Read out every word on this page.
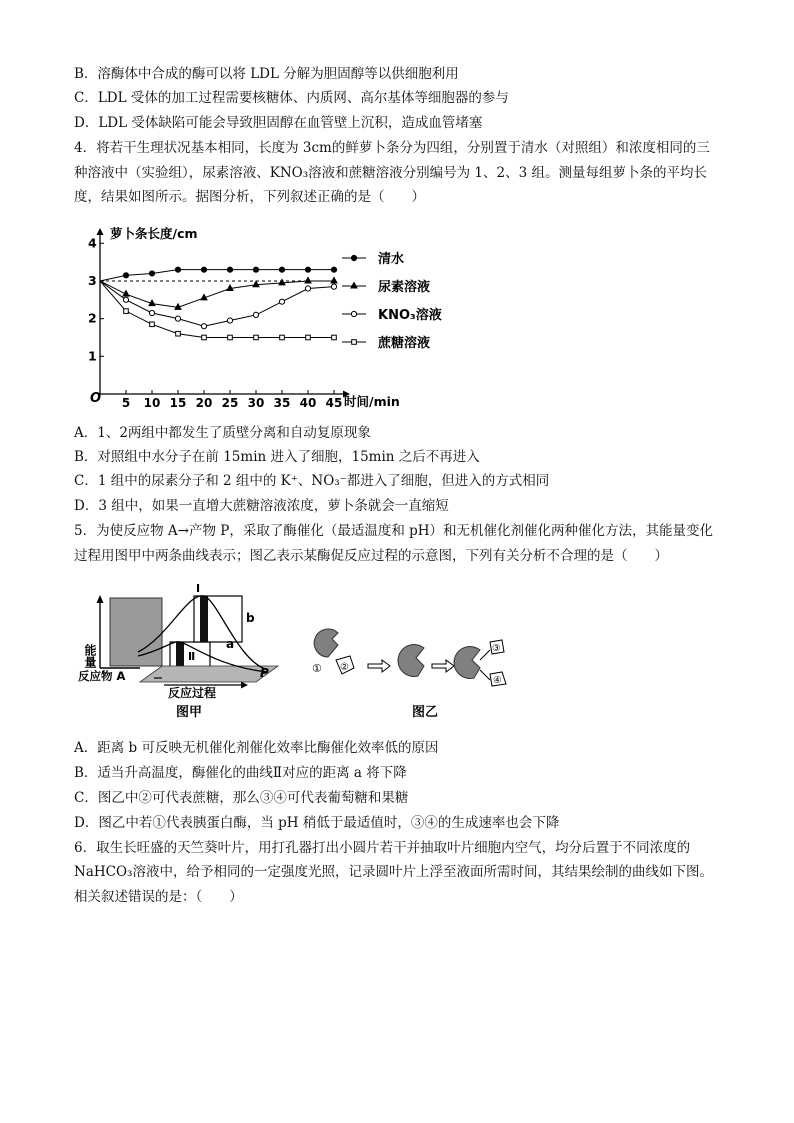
B．溶酶体中合成的酶可以将 LDL 分解为胆固醇等以供细胞利用
C．LDL 受体的加工过程需要核糖体、内质网、高尔基体等细胞器的参与
D．LDL 受体缺陷可能会导致胆固醇在血管壁上沉积，造成血管堵塞
4．将若干生理状况基本相同，长度为 3cm的鲜萝卜条分为四组，分别置于清水（对照组）和浓度相同的三
种溶液中（实验组），尿素溶液、KNO₃溶液和蔗糖溶液分别编号为 1、2、3 组。测量每组萝卜条的平均长
度，结果如图所示。据图分析，下列叙述正确的是（　　）
萝卜条长度/cm
时间/min
O
1
2
3
4
5 10 15 20 25 30 35 40 45
清水
尿素溶液
KNO₃溶液
蔗糖溶液
A．1、2两组中都发生了质壁分离和自动复原现象
B．对照组中水分子在前 15min 进入了细胞，15min 之后不再进入
C．1 组中的尿素分子和 2 组中的 K⁺、NO₃⁻都进入了细胞，但进入的方式相同
D．3 组中，如果一直增大蔗糖溶液浓度，萝卜条就会一直缩短
5．为使反应物 A→产物 P，采取了酶催化（最适温度和 pH）和无机催化剂催化两种催化方法，其能量变化
过程用图甲中两条曲线表示；图乙表示某酶促反应过程的示意图，下列有关分析不合理的是（　　）
能量
Ⅰ
Ⅱ
b
a
反应物 A	P
反应过程
图甲
① ②
③
④
图乙
A．距离 b 可反映无机催化剂催化效率比酶催化效率低的原因
B．适当升高温度，酶催化的曲线Ⅱ对应的距离 a 将下降
C．图乙中②可代表蔗糖，那么③④可代表葡萄糖和果糖
D．图乙中若①代表胰蛋白酶，当 pH 稍低于最适值时，③④的生成速率也会下降
6．取生长旺盛的天竺葵叶片，用打孔器打出小圆片若干并抽取叶片细胞内空气，均分后置于不同浓度的
NaHCO₃溶液中，给予相同的一定强度光照，记录圆叶片上浮至液面所需时间，其结果绘制的曲线如下图。
相关叙述错误的是：（　　）
